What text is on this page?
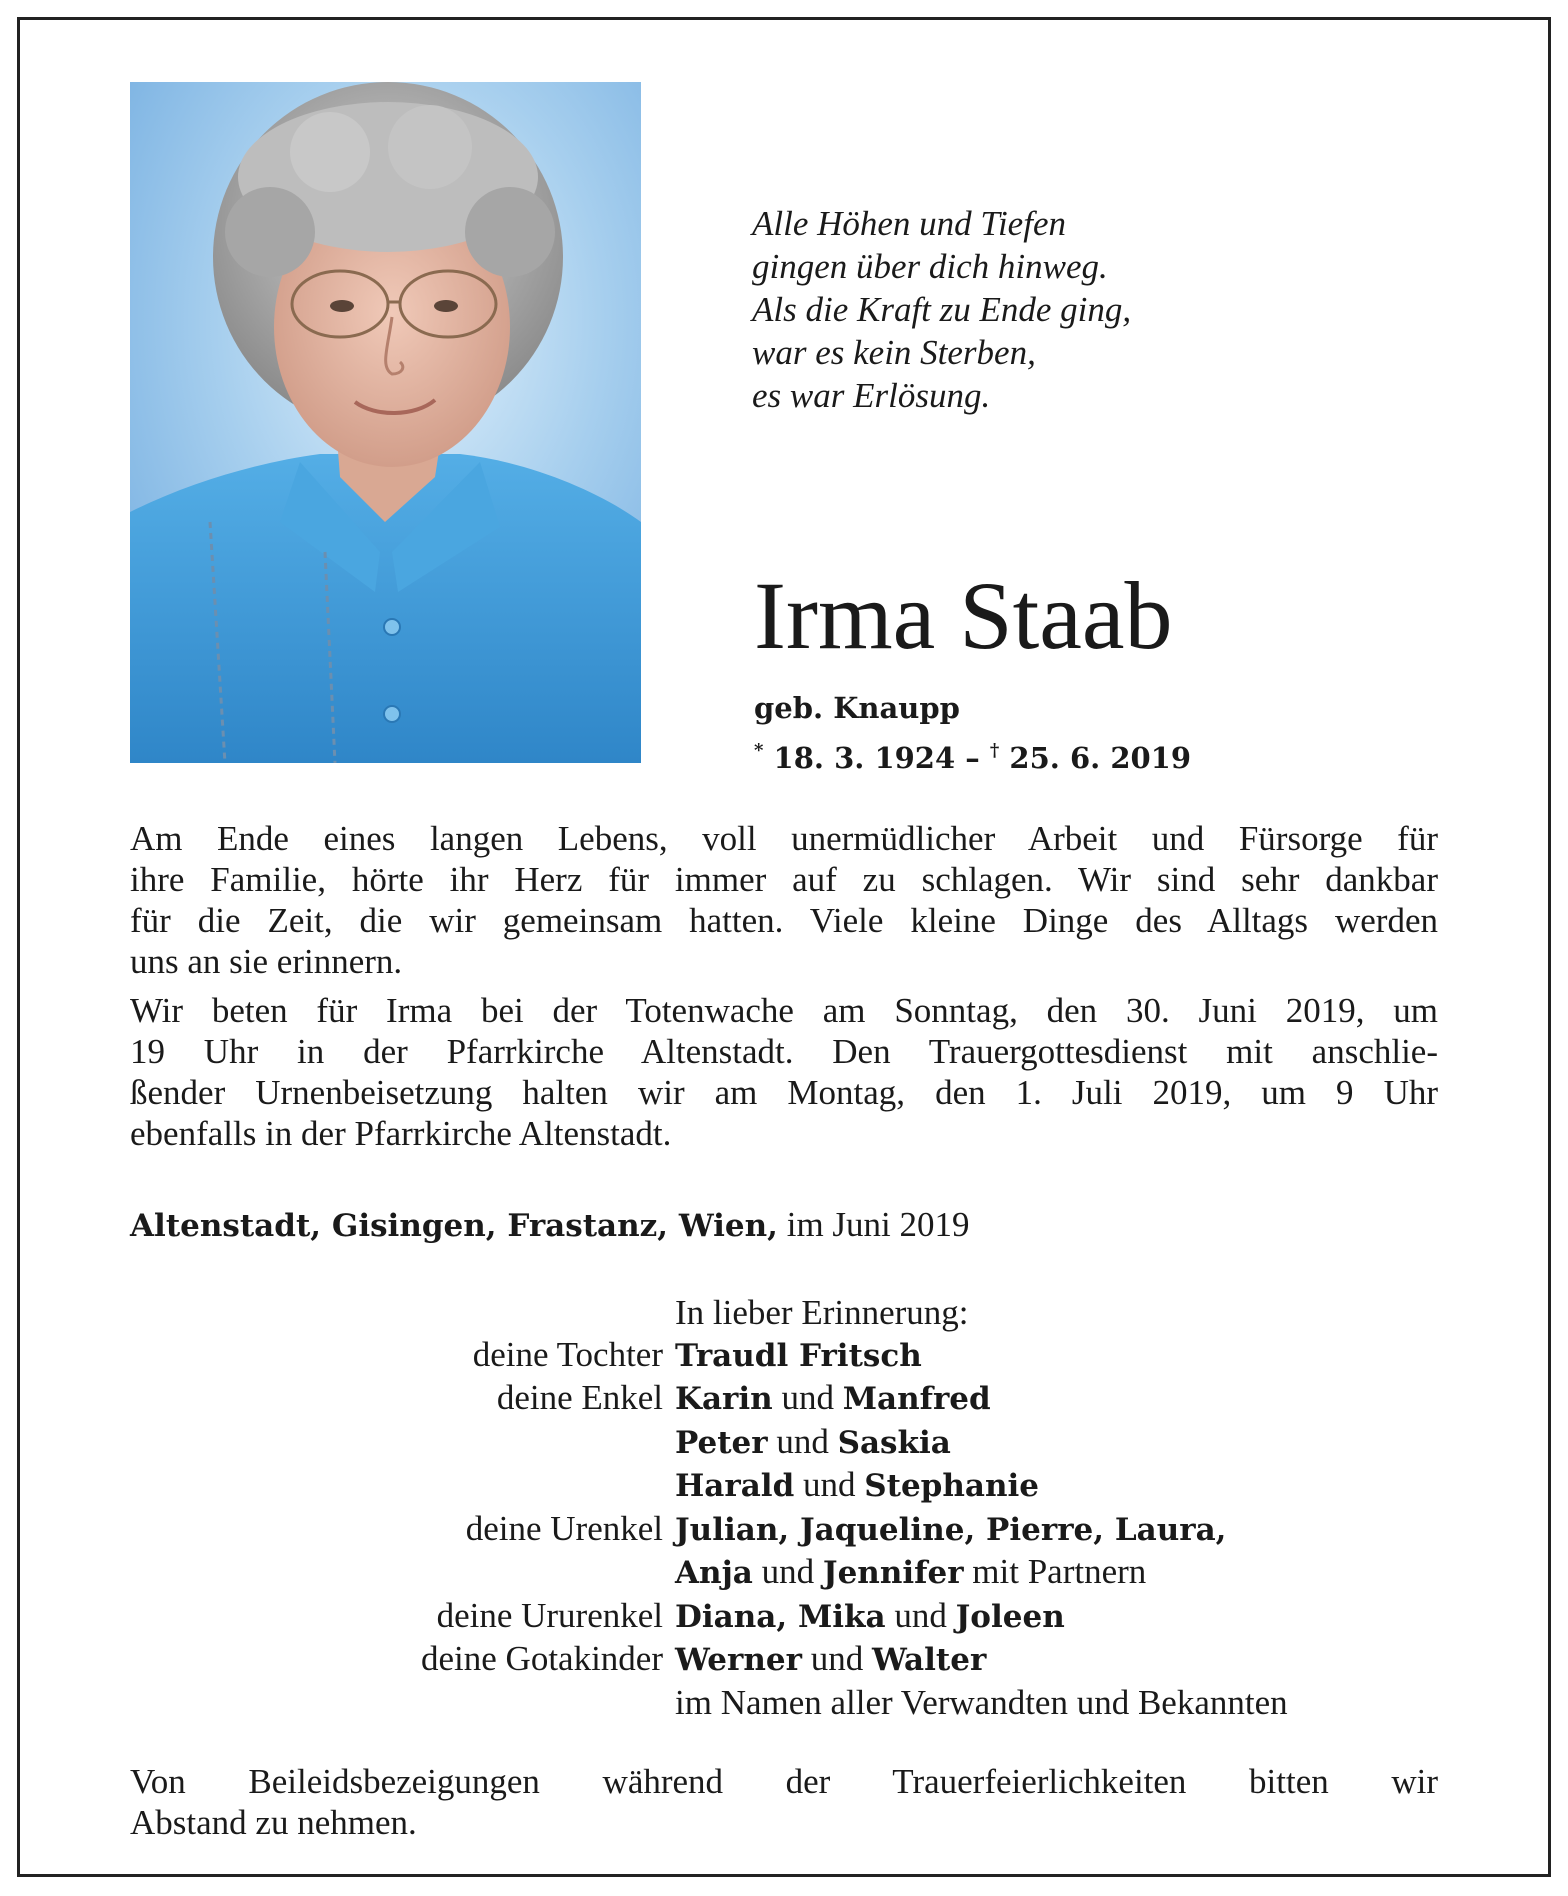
Alle Höhen und Tiefen
gingen über dich hinweg.
Als die Kraft zu Ende ging,
war es kein Sterben,
es war Erlösung.
Irma Staab
geb. Knaupp
* 18. 3. 1924 – † 25. 6. 2019
Am Ende eines langen Lebens, voll unermüdlicher Arbeit und Fürsorge für
ihre Familie, hörte ihr Herz für immer auf zu schlagen. Wir sind sehr dankbar
für die Zeit, die wir gemeinsam hatten. Viele kleine Dinge des Alltags werden
uns an sie erinnern.
Wir beten für Irma bei der Totenwache am Sonntag, den 30. Juni 2019, um
19 Uhr in der Pfarrkirche Altenstadt. Den Trauergottesdienst mit anschlie-
ßender Urnenbeisetzung halten wir am Montag, den 1. Juli 2019, um 9 Uhr
ebenfalls in der Pfarrkirche Altenstadt.
Altenstadt, Gisingen, Frastanz, Wien, im Juni 2019
In lieber Erinnerung:
deine Tochter Traudl Fritsch
deine Enkel Karin und Manfred
Peter und Saskia
Harald und Stephanie
deine Urenkel Julian, Jaqueline, Pierre, Laura,
Anja und Jennifer mit Partnern
deine Ururenkel Diana, Mika und Joleen
deine Gotakinder Werner und Walter
im Namen aller Verwandten und Bekannten
Von Beileidsbezeigungen während der Trauerfeierlichkeiten bitten wir
Abstand zu nehmen.
